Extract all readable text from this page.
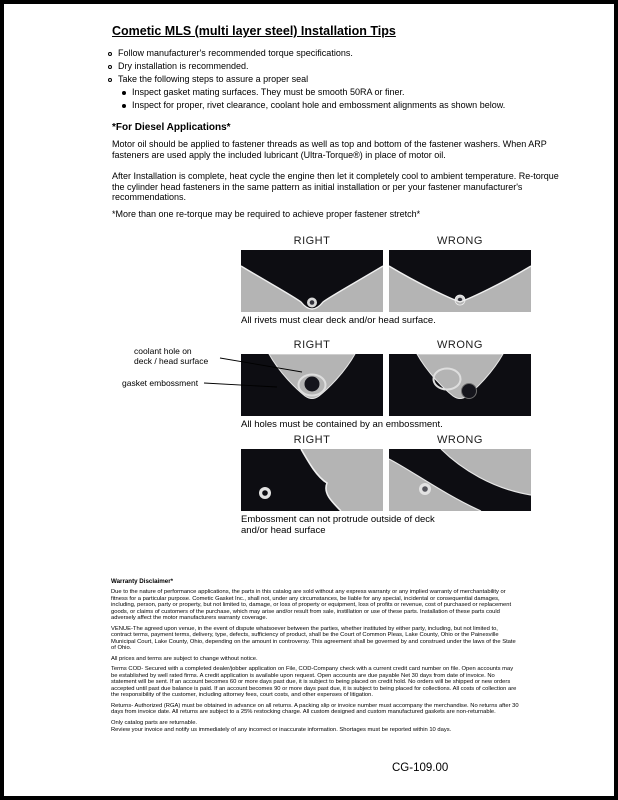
Cometic MLS (multi layer steel) Installation Tips
Follow manufacturer's recommended torque specifications.
Dry installation is recommended.
Take the following steps to assure a proper seal
Inspect gasket mating surfaces. They must be smooth 50RA or finer.
Inspect for proper, rivet clearance, coolant hole and embossment alignments as shown below.
*For Diesel Applications*

Motor oil should be applied to fastener threads as well as top and bottom of the fastener washers. When ARP fasteners are used apply the included lubricant (Ultra-Torque®) in place of motor oil.

After Installation is complete, heat cycle the engine then let it completely cool to ambient temperature. Re-torque the cylinder head fasteners in the same pattern as initial installation or per your fastener manufacturer's recommendations.

*More than one re-torque may be required to achieve proper fastener stretch*

RIGHT	WRONG
All rivets must clear deck and/or head surface.
RIGHT	WRONG
coolant hole on
deck / head surface
gasket embossment
All holes must be contained by an embossment.
RIGHT	WRONG
Embossment can not protrude outside of deck
and/or head surface
Warranty Disclaimer*

Due to the nature of performance applications, the parts in this catalog are sold without any express warranty or any implied warranty of merchantability or fitness for a particular purpose. Cometic Gasket Inc., shall not, under any circumstances, be liable for any special, incidental or consequential damages, including, person, party or property, but not limited to, damage, or loss of property or equipment, loss of profits or revenue, cost of purchased or replacement goods, or claims of customers of the purchase, which may arise and/or result from sale, instillation or use of these parts. Installation of these parts could adversely affect the motor manufacturers warranty coverage.

VENUE-The agreed upon venue, in the event of dispute whatsoever between the parties, whether instituted by either party, including, but not limited to, contract terms, payment terms, delivery, type, defects, sufficiency of product, shall be the Court of Common Pleas, Lake County, Ohio or the Painesville Municipal Court, Lake County, Ohio, depending on the amount in controversy. This agreement shall be governed by and construed under the laws of the State of Ohio.

All prices and terms are subject to change without notice.

Terms COD- Secured with a completed dealer/jobber application on File, COD-Company check with a current credit card number on file. Open accounts may be established by well rated firms. A credit application is available upon request. Open accounts are due payable Net 30 days from date of invoice. No statement will be sent. If an account becomes 60 or more days past due, it is subject to being placed on credit hold. No orders will be shipped or new orders accepted until past due balance is paid. If an account becomes 90 or more days past due, it is subject to being placed for collections. All costs of collection are the responsibility of the customer, including attorney fees, court costs, and other expenses of litigation.

Returns- Authorized (RGA) must be obtained in advance on all returns. A packing slip or invoice number must accompany the merchandise. No returns after 30 days from invoice date. All returns are subject to a 25% restocking charge. All custom designed and custom manufactured gaskets are non-returnable.

Only catalog parts are returnable.

Review your invoice and notify us immediately of any incorrect or inaccurate information. Shortages must be reported within 10 days.

CG-109.00
